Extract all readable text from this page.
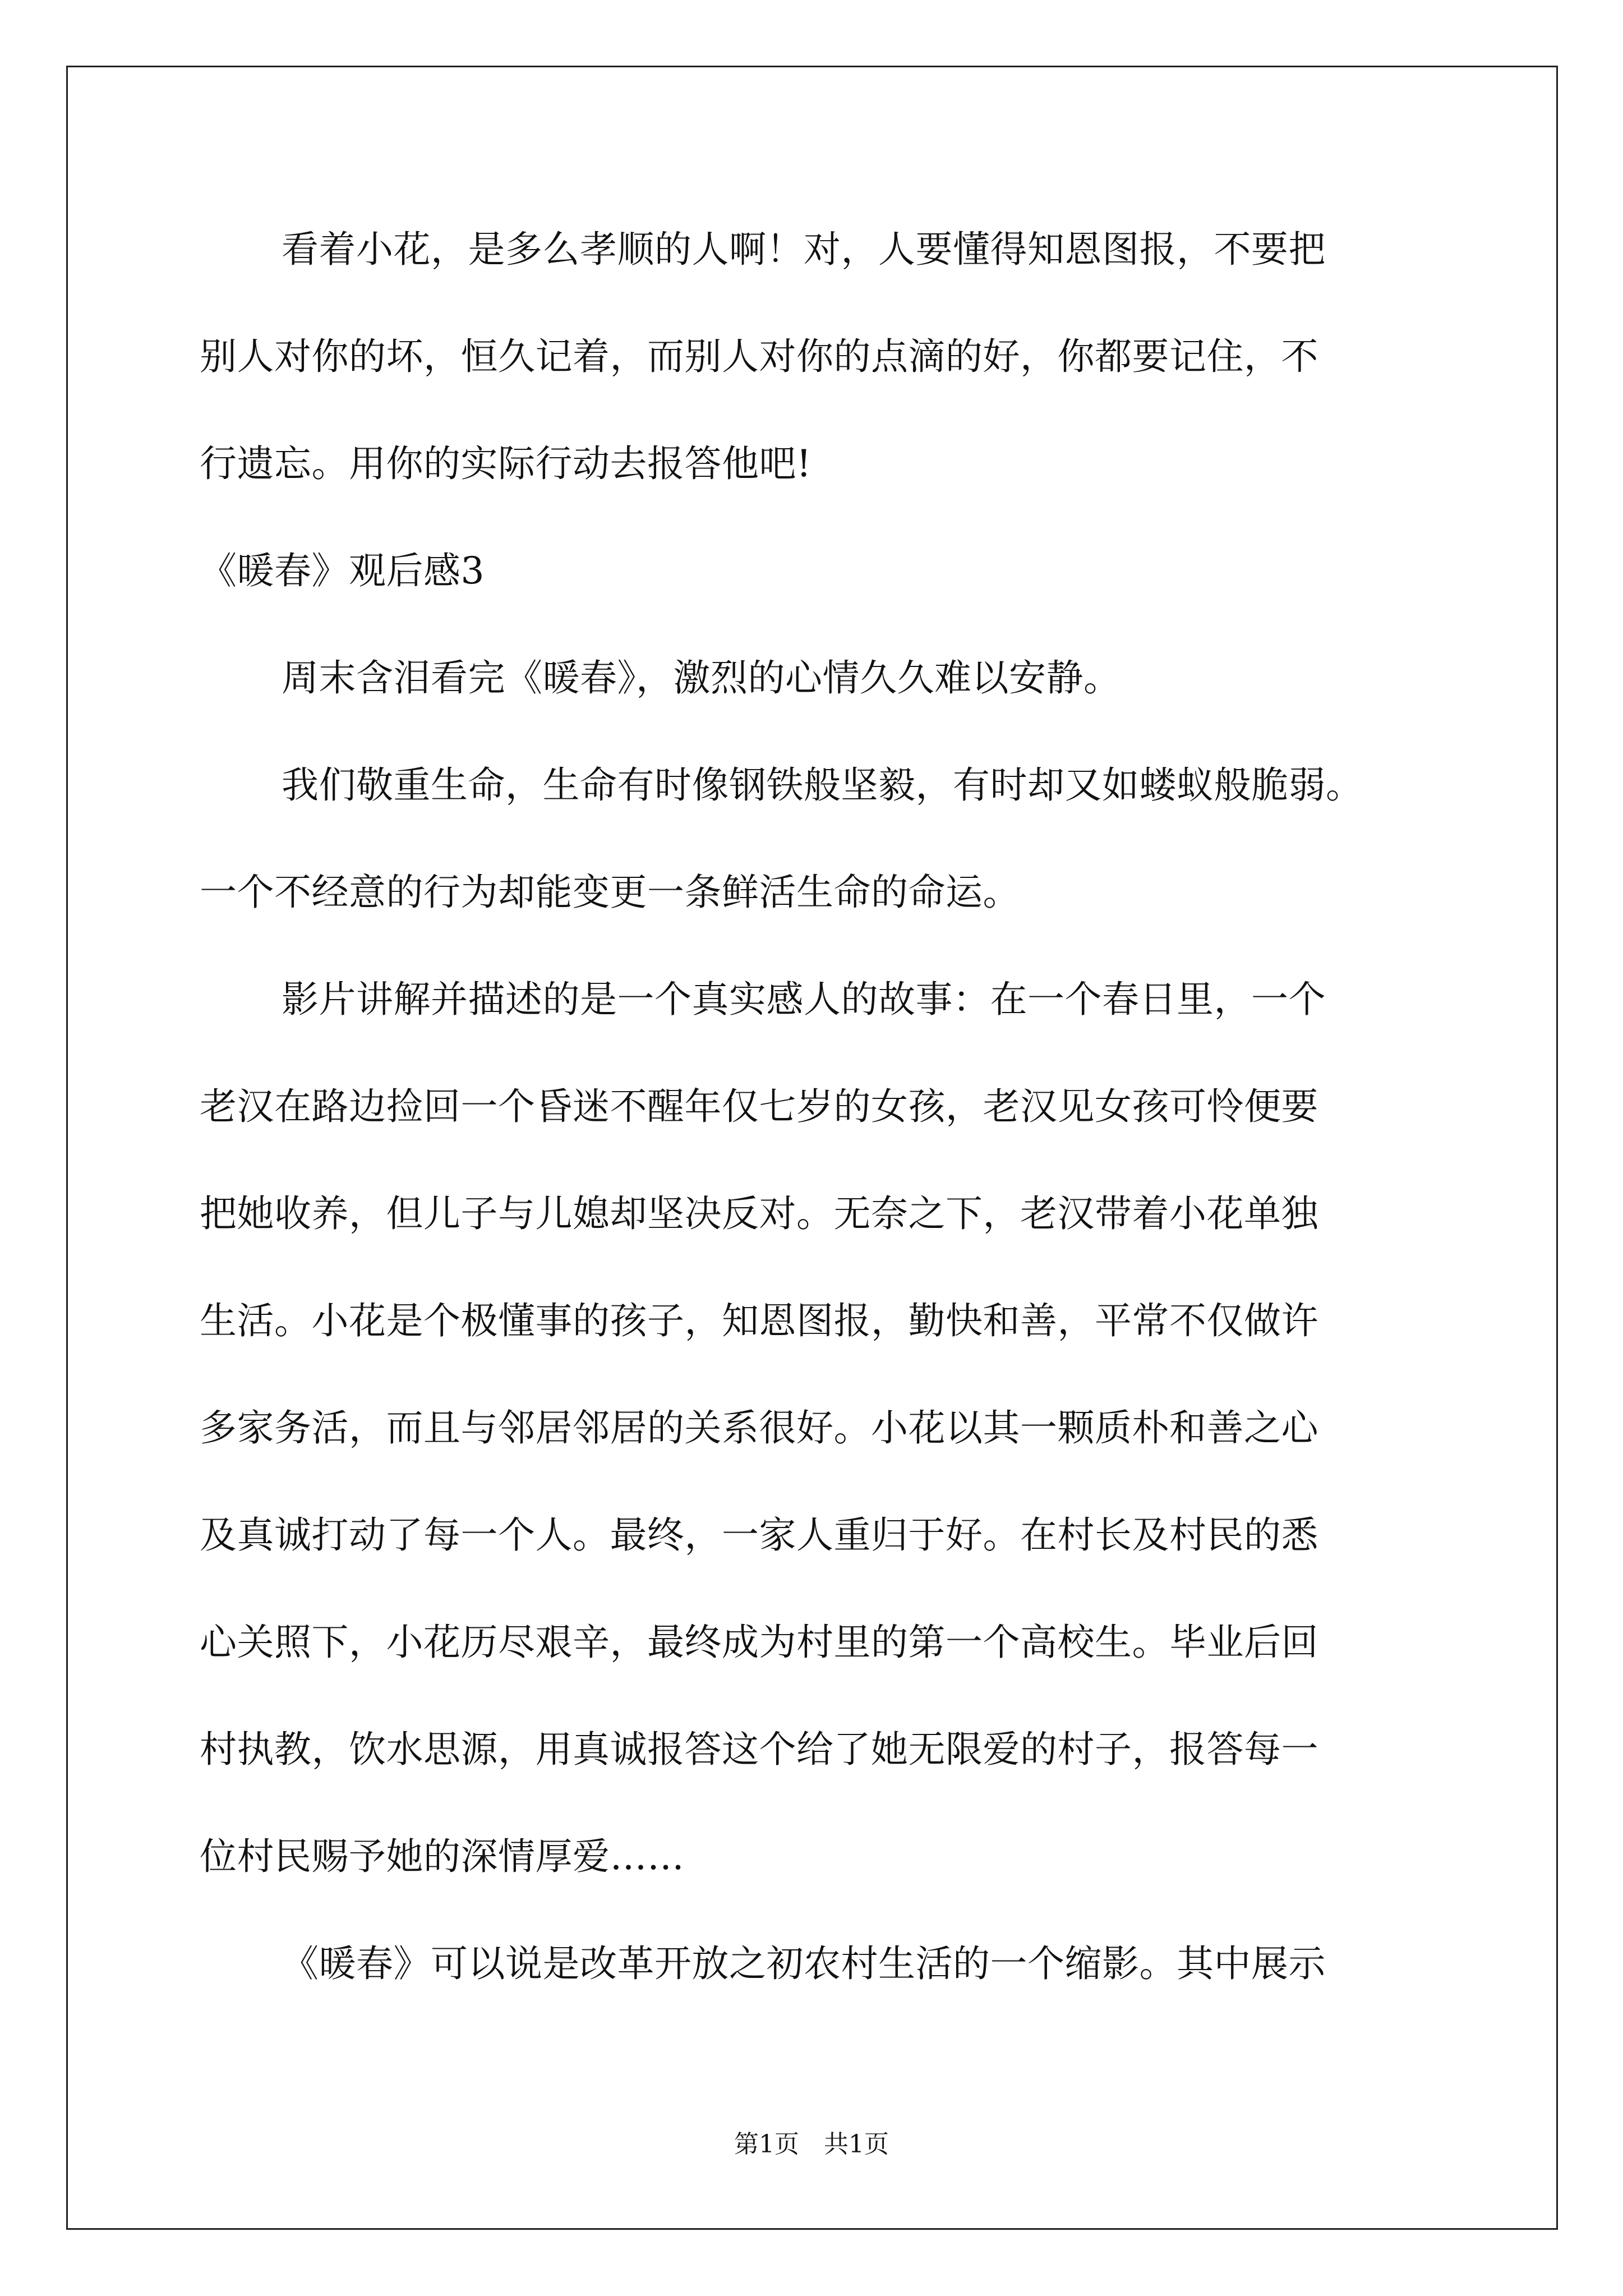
看着小花，是多么孝顺的人啊！对，人要懂得知恩图报，不要把
别人对你的坏，恒久记着，而别人对你的点滴的好，你都要记住，不
行遗忘。用你的实际行动去报答他吧!
《暖春》观后感3
周末含泪看完《暖春》，激烈的心情久久难以安静。
我们敬重生命，生命有时像钢铁般坚毅，有时却又如蝼蚁般脆弱。
一个不经意的行为却能变更一条鲜活生命的命运。
影片讲解并描述的是一个真实感人的故事：在一个春日里，一个
老汉在路边捡回一个昏迷不醒年仅七岁的女孩，老汉见女孩可怜便要
把她收养，但儿子与儿媳却坚决反对。无奈之下，老汉带着小花单独
生活。小花是个极懂事的孩子，知恩图报，勤快和善，平常不仅做许
多家务活，而且与邻居邻居的关系很好。小花以其一颗质朴和善之心
及真诚打动了每一个人。最终，一家人重归于好。在村长及村民的悉
心关照下，小花历尽艰辛，最终成为村里的第一个高校生。毕业后回
村执教，饮水思源，用真诚报答这个给了她无限爱的村子，报答每一
位村民赐予她的深情厚爱……
《暖春》可以说是改革开放之初农村生活的一个缩影。其中展示
第1页　共1页
